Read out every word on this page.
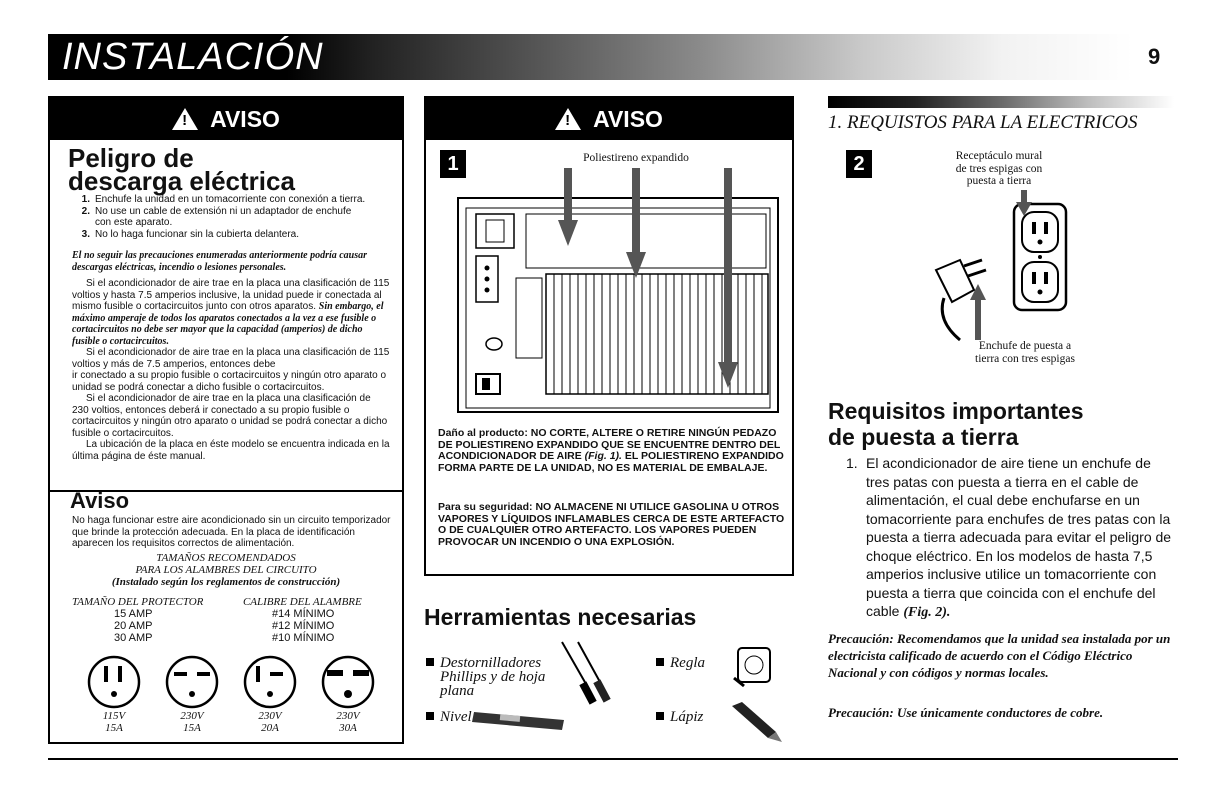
INSTALACIÓN	9
! AVISO
Peligro de
descarga eléctrica
1. Enchufe la unidad en un tomacorriente con conexión a tierra.
2. No use un cable de extensión ni un adaptador de enchufe con este aparato.
3. No lo haga funcionar sin la cubierta delantera.
El no seguir las precauciones enumeradas anteriormente podría causar descargas eléctricas, incendio o lesiones personales.
Si el acondicionador de aire trae en la placa una clasificación de 115 voltios y hasta 7.5 amperios inclusive, la unidad puede ir conectada al mismo fusible o cortacircuitos junto con otros aparatos. Sin embargo, el máximo amperaje de todos los aparatos conectados a la vez a ese fusible o cortacircuitos no debe ser mayor que la capacidad (amperios) de dicho fusible o cortacircuitos.
Si el acondicionador de aire trae en la placa una clasificación de 115 voltios y más de 7.5 amperios, entonces debe
ir conectado a su propio fusible o cortacircuitos y ningún otro aparato o unidad se podrá conectar a dicho fusible o cortacircuitos.
Si el acondicionador de aire trae en la placa una clasificación de 230 voltios, entonces deberá ir conectado a su propio fusible o cortacircuitos y ningún otro aparato o unidad se podrá conectar a dicho fusible o cortacircuitos.
La ubicación de la placa en éste modelo se encuentra indicada en la última página de éste manual.
Aviso
No haga funcionar estre aire acondicionado sin un circuito temporizador que brinde la protección adecuada. En la placa de identificación aparecen los requisitos correctos de alimentación.
TAMAÑOS RECOMENDADOS
PARA LOS ALAMBRES DEL CIRCUITO
(Instalado según los reglamentos de construcción)
TAMAÑO DEL PROTECTOR	CALIBRE DEL ALAMBRE
15 AMP	#14 MÍNIMO
20 AMP	#12 MÍNIMO
30 AMP	#10 MÍNIMO
115V
15A
230V
15A
230V
20A
230V
30A
! AVISO
1	Poliestireno expandido
Daño al producto: NO CORTE, ALTERE O RETIRE NINGÚN PEDAZO DE POLIESTIRENO EXPANDIDO QUE SE ENCUENTRE DENTRO DEL ACONDICIONADOR DE AIRE (Fig. 1). EL POLIESTIRENO EXPANDIDO FORMA PARTE DE LA UNIDAD, NO ES MATERIAL DE EMBALAJE.
Para su seguridad: NO ALMACENE NI UTILICE GASOLINA U OTROS VAPORES Y LÍQUIDOS INFLAMABLES CERCA DE ESTE ARTEFACTO O DE CUALQUIER OTRO ARTEFACTO. LOS VAPORES PUEDEN PROVOCAR UN INCENDIO O UNA EXPLOSIÓN.
Herramientas necesarias
Destornilladores
Phillips y de hoja
plana
Nivel
Regla
Lápiz
1. REQUISTOS PARA LA ELECTRICOS
2	Receptáculo mural
de tres espigas con
puesta a tierra
Enchufe de puesta a
tierra con tres espigas
Requisitos importantes
de puesta a tierra
1. El acondicionador de aire tiene un enchufe de tres patas con puesta a tierra en el cable de alimentación, el cual debe enchufarse en un tomacorriente para enchufes de tres patas con la puesta a tierra adecuada para evitar el peligro de choque eléctrico. En los modelos de hasta 7,5 amperios inclusive utilice un tomacorriente con puesta a tierra que coincida con el enchufe del cable (Fig. 2).
Precaución: Recomendamos que la unidad sea instalada por un electricista calificado de acuerdo con el Código Eléctrico Nacional y con códigos y normas locales.
Precaución: Use únicamente conductores de cobre.
